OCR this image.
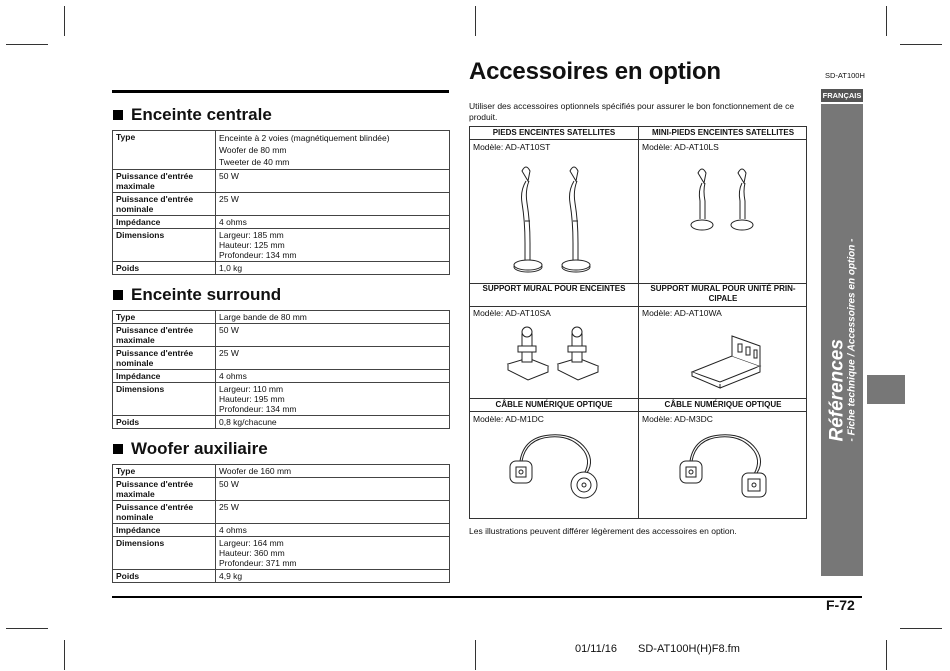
Enceinte centrale
Type	Enceinte à 2 voies (magnétiquement blindée)
Woofer de 80 mm
Tweeter de 40 mm

Puissance d'entrée maximale	50 W

Puissance d'entrée nominale	25 W

Impédance	4 ohms

Dimensions	Largeur: 185 mm
Hauteur: 125 mm
Profondeur: 134 mm

Poids	1,0 kg
Enceinte surround
Type	Large bande de 80 mm

Puissance d'entrée maximale	50 W

Puissance d'entrée nominale	25 W

Impédance	4 ohms

Dimensions	Largeur: 110 mm
Hauteur: 195 mm
Profondeur: 134 mm

Poids	0,8 kg/chacune
Woofer auxiliaire
Type	Woofer de 160 mm

Puissance d'entrée maximale	50 W

Puissance d'entrée nominale	25 W

Impédance	4 ohms

Dimensions	Largeur: 164 mm
Hauteur: 360 mm
Profondeur: 371 mm

Poids	4,9 kg
Accessoires en option	SD-AT100H
FRANÇAIS
Références - Fiche technique / Accessoires en option -
Utiliser des accessoires optionnels spécifiés pour assurer le bon fonctionnement de ce produit.
PIEDS ENCEINTES SATELLITES	MINI-PIEDS ENCEINTES SATELLITES
Modèle: AD-AT10ST	Modèle: AD-AT10LS
SUPPORT MURAL POUR ENCEINTES	SUPPORT MURAL POUR UNITÉ PRIN-CIPALE
Modèle: AD-AT10SA	Modèle: AD-AT10WA
CÂBLE NUMÉRIQUE OPTIQUE	CÂBLE NUMÉRIQUE OPTIQUE
Modèle: AD-M1DC	Modèle: AD-M3DC
Les illustrations peuvent différer légèrement des accessoires en option.
F-72
01/11/16 SD-AT100H(H)F8.fm
